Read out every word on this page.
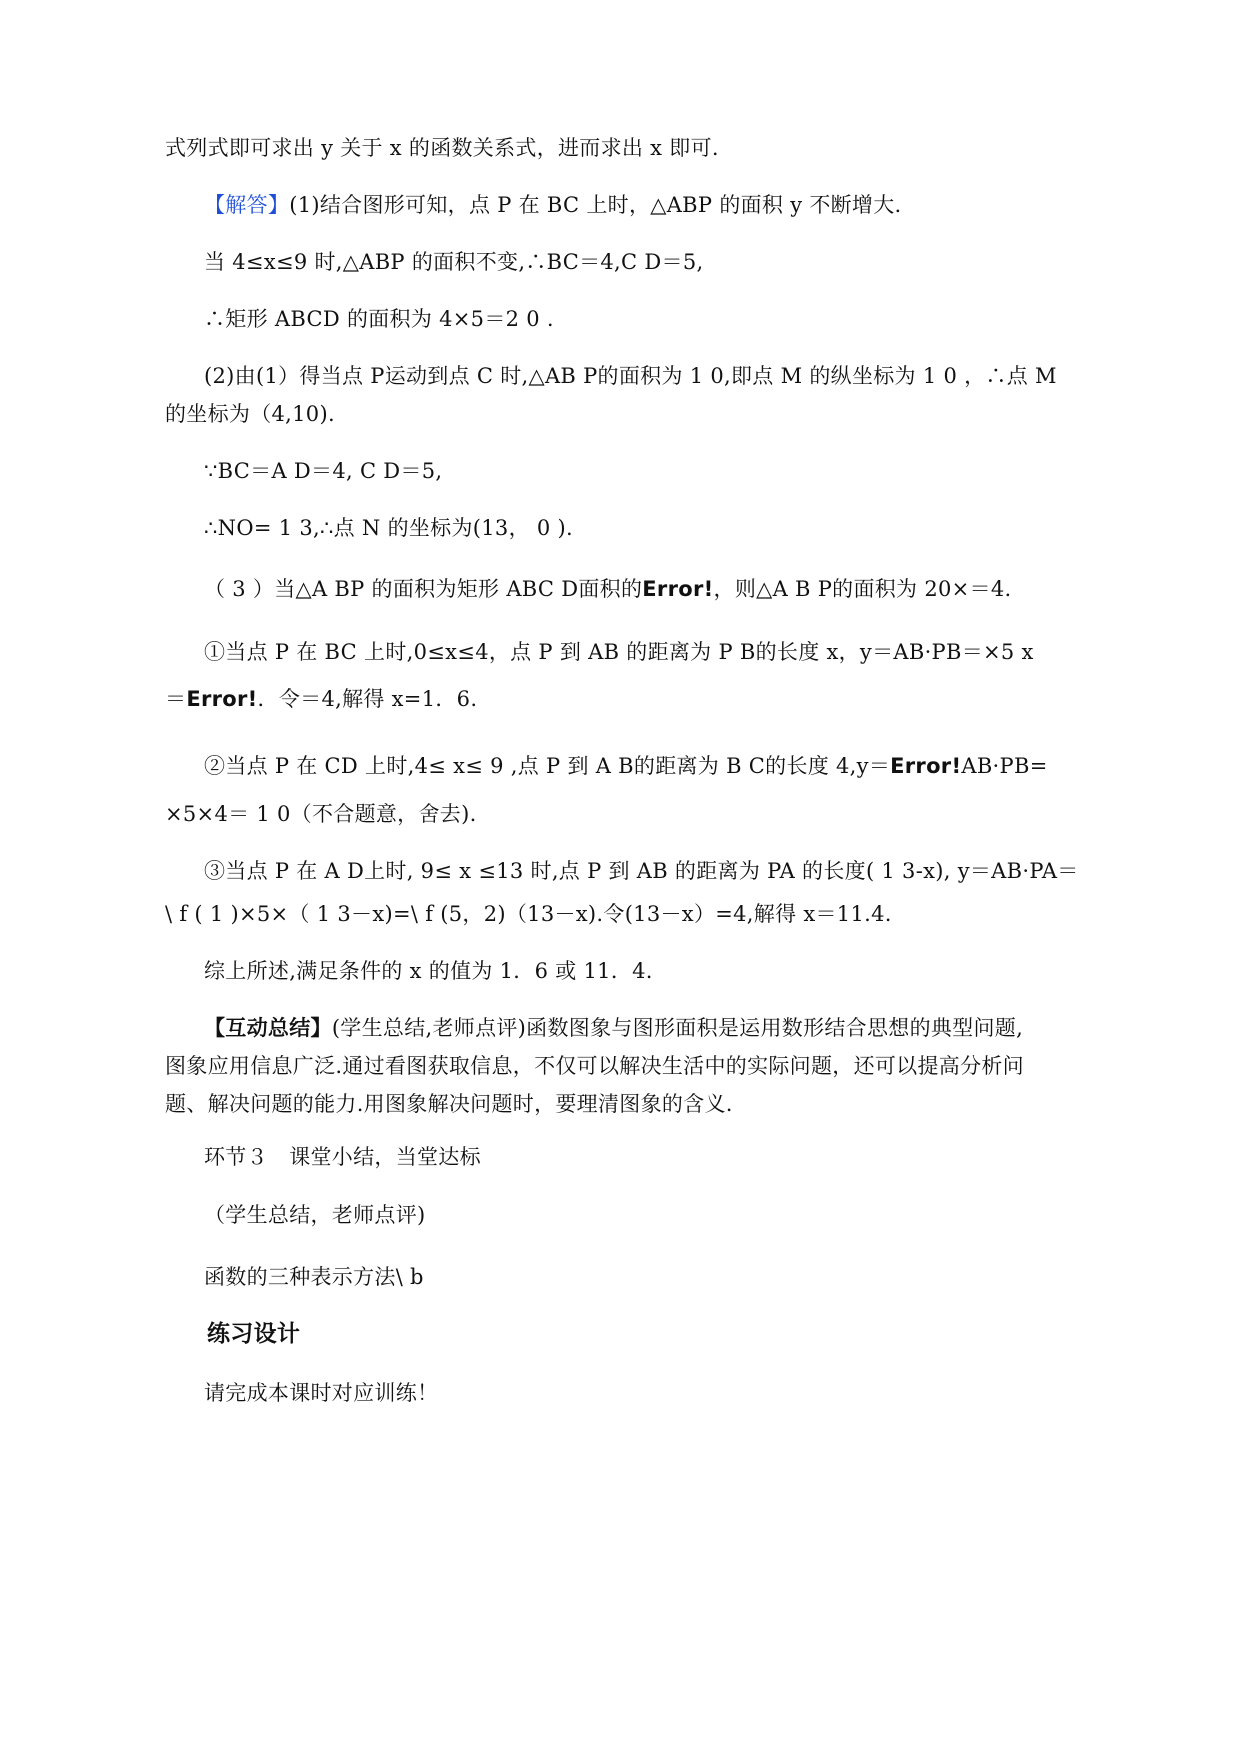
式列式即可求出 y 关于 x 的函数关系式，进而求出 x 即可.
【解答】(1)结合图形可知，点 P 在 BC 上时，△ABP 的面积 y 不断增大.
当 4≤x≤9 时,△ABP 的面积不变,∴BC＝4,C D＝5,
∴矩形 ABCD 的面积为 4×5＝2 0 .
(2)由(1）得当点 P运动到点 C 时,△AB P的面积为 1 0,即点 M 的纵坐标为 1 0 ，∴点 M
的坐标为（4,10).
∵BC＝A D＝4, C D＝5,
∴NO= 1 3,∴点 N 的坐标为(13， 0 ).
（ 3 ）当△A BP 的面积为矩形 ABC D面积的Error!，则△A B P的面积为 20×＝4.
①当点 P 在 BC 上时,0≤x≤4，点 P 到 AB 的距离为 P B的长度 x，y＝AB·PB＝×5 x
＝Error!．令＝4,解得 x=1．6.
②当点 P 在 CD 上时,4≤ x≤ 9 ,点 P 到 A B的距离为 B C的长度 4,y＝Error!AB·PB=
×5×4＝ 1 0（不合题意，舍去).
③当点 P 在 A D上时, 9≤ x ≤13 时,点 P 到 AB 的距离为 PA 的长度( 1 3-x), y＝AB·PA＝
\ f ( 1 )×5×（ 1 3－x)=\ f (5，2)（13－x).令(13－x）=4,解得 x＝11.4.
综上所述,满足条件的 x 的值为 1．6 或 11．4.
【互动总结】(学生总结,老师点评)函数图象与图形面积是运用数形结合思想的典型问题,
图象应用信息广泛.通过看图获取信息，不仅可以解决生活中的实际问题，还可以提高分析问
题、解决问题的能力.用图象解决问题时，要理清图象的含义.
环节３　课堂小结，当堂达标
（学生总结，老师点评)
函数的三种表示方法\ b
练习设计
请完成本课时对应训练！
